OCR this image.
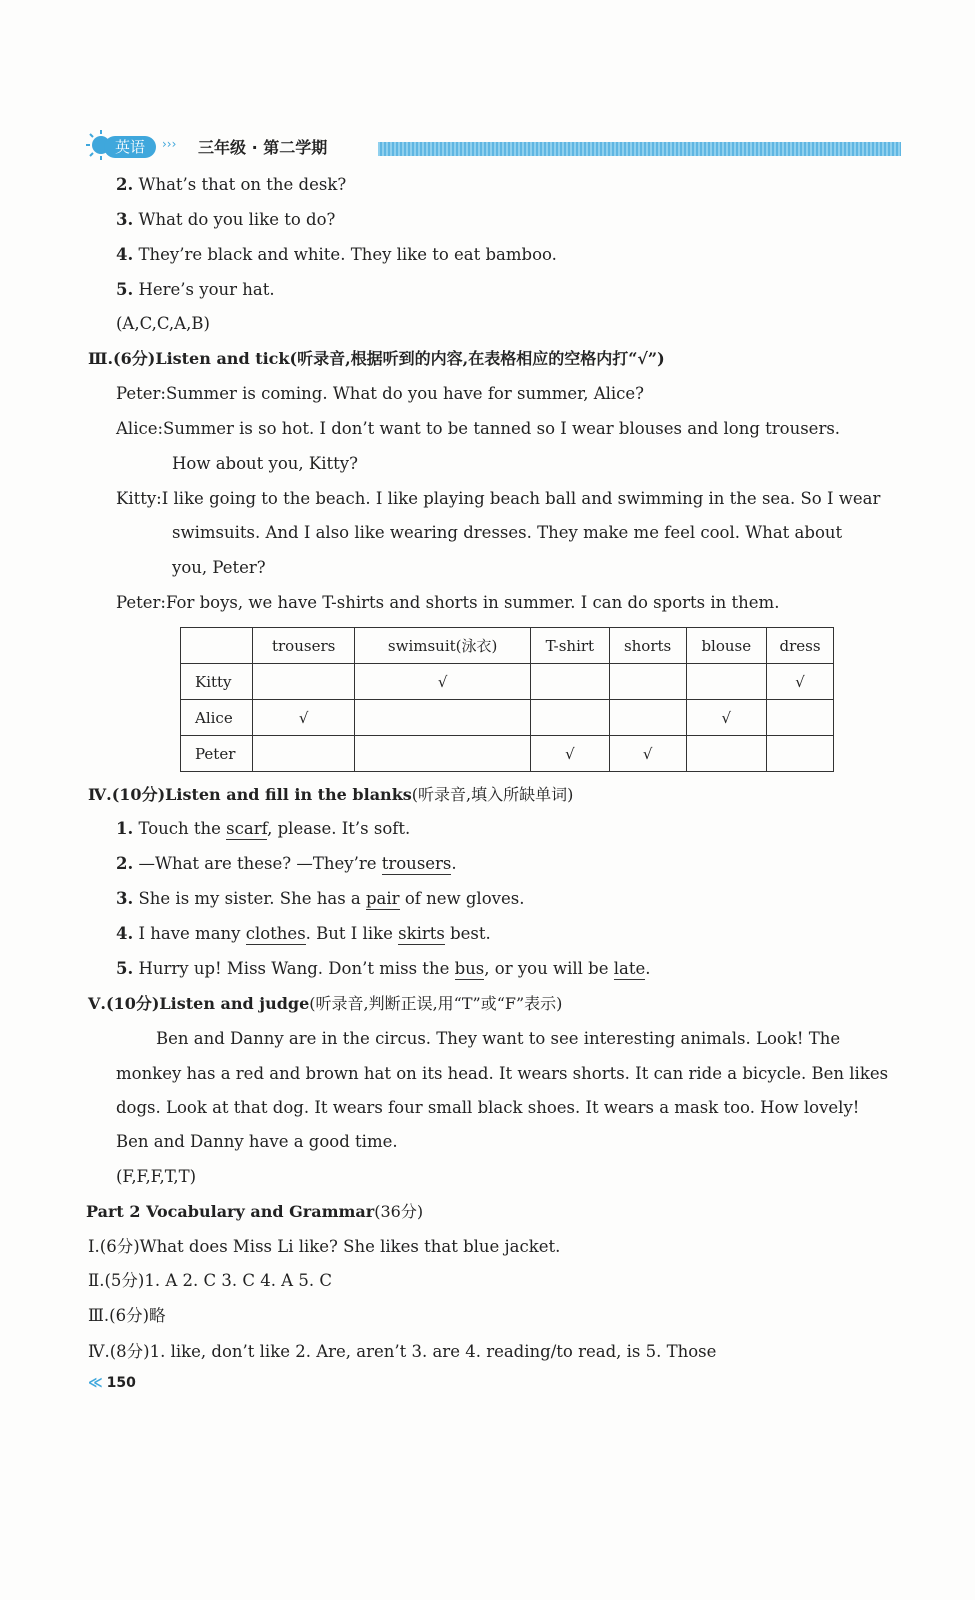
英语	››› 三年级 · 第二学期
2. What’s that on the desk?
3. What do you like to do?
4. They’re black and white. They like to eat bamboo.
5. Here’s your hat.
(A,C,C,A,B)
Ⅲ.(6分)Listen and tick(听录音,根据听到的内容,在表格相应的空格内打“√”)
Peter:Summer is coming. What do you have for summer, Alice?
Alice:Summer is so hot. I don’t want to be tanned so I wear blouses and long trousers.
How about you, Kitty?
Kitty:I like going to the beach. I like playing beach ball and swimming in the sea. So I wear
swimsuits. And I also like wearing dresses. They make me feel cool. What about
you, Peter?
Peter:For boys, we have T-shirts and shorts in summer. I can do sports in them.
	trousers	swimsuit(泳衣)	T-shirt	shorts	blouse	dress
Kitty		√				√
Alice	√				√	
Peter			√	√		
Ⅳ.(10分)Listen and fill in the blanks(听录音,填入所缺单词)
1. Touch the scarf, please. It’s soft.
2. —What are these? —They’re trousers.
3. She is my sister. She has a pair of new gloves.
4. I have many clothes. But I like skirts best.
5. Hurry up! Miss Wang. Don’t miss the bus, or you will be late.
Ⅴ.(10分)Listen and judge(听录音,判断正误,用“T”或“F”表示)
Ben and Danny are in the circus. They want to see interesting animals. Look! The
monkey has a red and brown hat on its head. It wears shorts. It can ride a bicycle. Ben likes
dogs. Look at that dog. It wears four small black shoes. It wears a mask too. How lovely!
Ben and Danny have a good time.
(F,F,F,T,T)
Part 2 Vocabulary and Grammar(36分)
Ⅰ.(6分)What does Miss Li like? She likes that blue jacket.
Ⅱ.(5分)1. A 2. C 3. C 4. A 5. C
Ⅲ.(6分)略
Ⅳ.(8分)1. like, don’t like 2. Are, aren’t 3. are 4. reading/to read, is 5. Those
≪ 150
